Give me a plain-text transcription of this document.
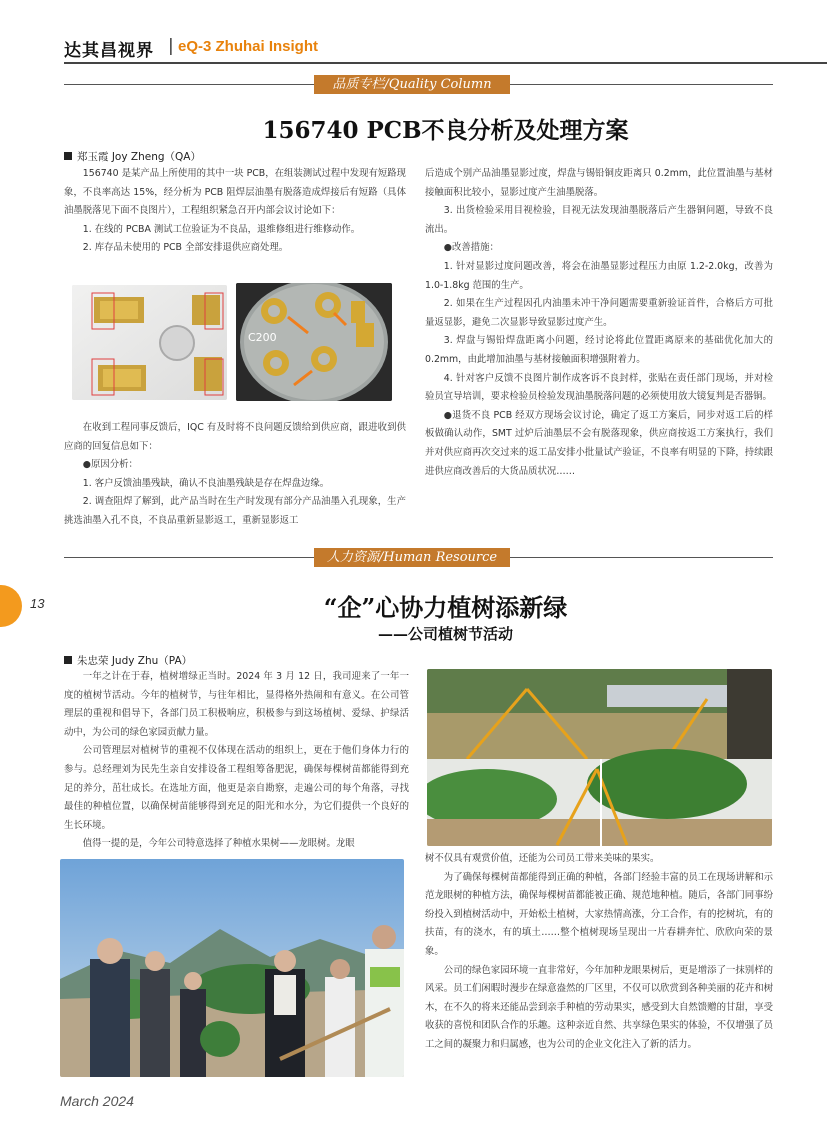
达其昌视界 | eQ-3 Zhuhai Insight
品质专栏/Quality Column
156740 PCB不良分析及处理方案
郑玉霞 Joy Zheng（QA）

156740 是某产品上所使用的其中一块 PCB，在组装测试过程中发现有短路现象，不良率高达 15%，经分析为 PCB 阻焊层油墨有脱落造成焊接后有短路（具体油墨脱落见下面不良图片），工程组织紧急召开内部会议讨论如下：

1. 在线的 PCBA 测试工位验证为不良品，退维修组进行维修动作。

2. 库存品未使用的 PCB 全部安排退供应商处理。

C200

在收到工程同事反馈后，IQC 有及时将不良问题反馈给到供应商，跟进收到供应商的回复信息如下：

●原因分析：

1. 客户反馈油墨残缺，确认不良油墨残缺是存在焊盘边缘。

2. 调查阻焊了解到，此产品当时在生产时发现有部分产品油墨入孔现象，生产挑选油墨入孔不良，不良品重新显影返工，重新显影返工

后造成个别产品油墨显影过度，焊盘与锡铅铜皮距离只 0.2mm，此位置油墨与基材接触面积比较小，显影过度产生油墨脱落。

3. 出货检验采用目视检验，目视无法发现油墨脱落后产生器铜问题，导致不良流出。

●改善措施：

1. 针对显影过度问题改善，将会在油墨显影过程压力由原 1.2-2.0kg，改善为 1.0-1.8kg 范围的生产。

2. 如果在生产过程因孔内油墨未冲干净问题需要重新验证首件，合格后方可批量返显影，避免二次显影导致显影过度产生。

3. 焊盘与锡铅焊盘距离小问题，经讨论将此位置距离原来的基础优化加大的 0.2mm，由此增加油墨与基材接触面积增强附着力。

4. 针对客户反馈不良图片制作成客诉不良封样，张贴在责任部门现场，并对检验员宣导培训，要求检验员检验发现油墨脱落问题的必须使用放大镜复判是否器铜。

●退货不良 PCB 经双方现场会议讨论，确定了返工方案后，同步对返工后的样板做确认动作，SMT 过炉后油墨层不会有脱落现象，供应商按返工方案执行，我们并对供应商再次交过来的返工品安排小批量试产验证，不良率有明显的下降，持续跟进供应商改善后的大货品质状况……

人力资源/Human Resource
13	“企”心协力植树添新绿
——公司植树节活动
朱忠荣 Judy Zhu（PA）

一年之计在于春，植树增绿正当时。2024 年 3 月 12 日，我司迎来了一年一度的植树节活动。今年的植树节，与往年相比，显得格外热闹和有意义。在公司管理层的重视和倡导下，各部门员工积极响应，积极参与到这场植树、爱绿、护绿活动中，为公司的绿色家园贡献力量。

公司管理层对植树节的重视不仅体现在活动的组织上，更在于他们身体力行的参与。总经理刘为民先生亲自安排设备工程组筹备肥泥，确保每棵树苗都能得到充足的养分，茁壮成长。在选址方面，他更是亲自勘察，走遍公司的每个角落，寻找最佳的种植位置，以确保树苗能够得到充足的阳光和水分，为它们提供一个良好的生长环境。

值得一提的是，今年公司特意选择了种植水果树——龙眼树。龙眼

树不仅具有观赏价值，还能为公司员工带来美味的果实。

为了确保每棵树苗都能得到正确的种植，各部门经验丰富的员工在现场讲解和示范龙眼树的种植方法，确保每棵树苗都能被正确、规范地种植。随后，各部门同事纷纷投入到植树活动中，开始松土植树，大家热情高涨，分工合作，有的挖树坑，有的扶苗，有的浇水，有的填土……整个植树现场呈现出一片春耕奔忙、欣欣向荣的景象。

公司的绿色家园环境一直非常好，今年加种龙眼果树后，更是增添了一抹别样的风采。员工们闲暇时漫步在绿意盎然的厂区里，不仅可以欣赏到各种美丽的花卉和树木，在不久的将来还能品尝到亲手种植的劳动果实，感受到大自然馈赠的甘甜，享受收获的喜悦和团队合作的乐趣。这种亲近自然、共享绿色果实的体验，不仅增强了员工之间的凝聚力和归属感，也为公司的企业文化注入了新的活力。

March 2024
